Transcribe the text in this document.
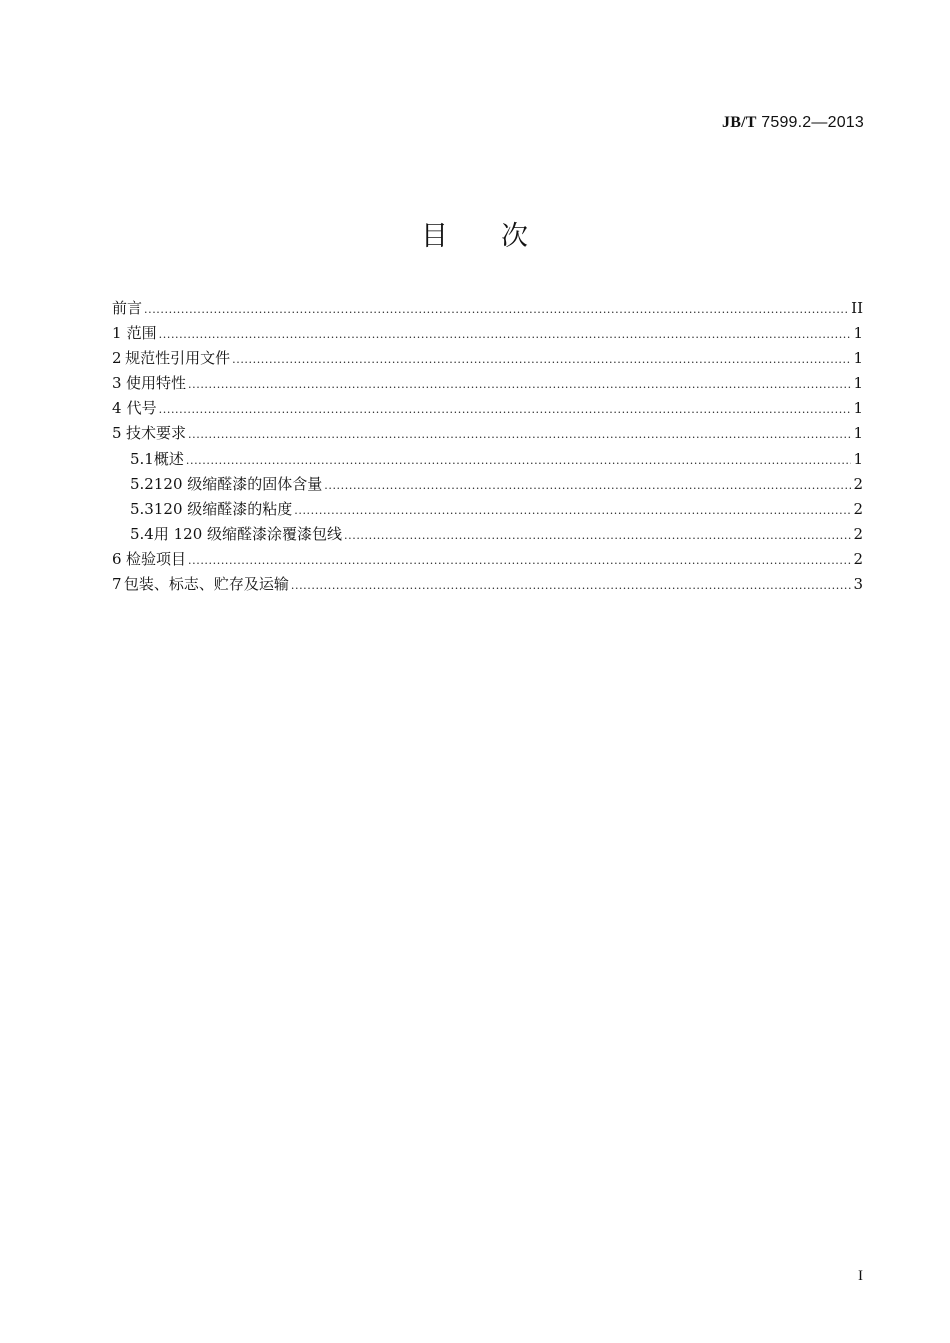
JB/T 7599.2—2013
目 次
前言 .....	II
1 范围 .....	1
2 规范性引用文件 .....	1
3 使用特性 .....	1
4 代号 .....	1
5 技术要求 .....	1
5.1 概述 .....	1
5.2 120 级缩醛漆的固体含量 .....	2
5.3 120 级缩醛漆的粘度 .....	2
5.4 用 120 级缩醛漆涂覆漆包线 .....	2
6 检验项目 .....	2
7 包装、标志、贮存及运输 .....	3
I
